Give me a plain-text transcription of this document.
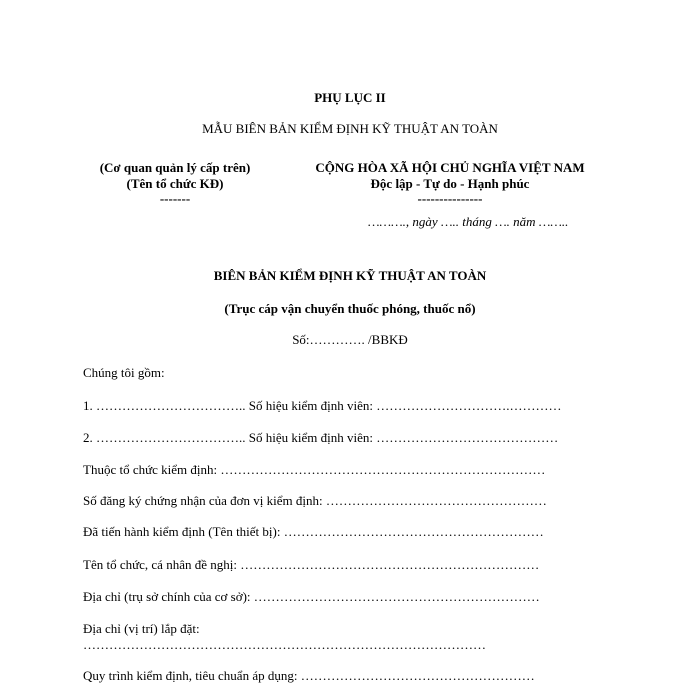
PHỤ LỤC II
MẪU BIÊN BẢN KIỂM ĐỊNH KỸ THUẬT AN TOÀN
(Cơ quan quản lý cấp trên)
(Tên tổ chức KĐ)
-------
CỘNG HÒA XÃ HỘI CHỦ NGHĨA VIỆT NAM
Độc lập - Tự do - Hạnh phúc
---------------
………., ngày ….. tháng …. năm ……..
BIÊN BẢN KIỂM ĐỊNH KỸ THUẬT AN TOÀN
(Trục cáp vận chuyển thuốc phóng, thuốc nổ)
Số:…………. /BBKĐ
Chúng tôi gồm:
1. …………………………….. Số hiệu kiểm định viên: ………………………….…………
2. …………………………….. Số hiệu kiểm định viên: ……………………………………
Thuộc tổ chức kiểm định: …………………………………………………………………
Số đăng ký chứng nhận của đơn vị kiểm định: ……………………………………………
Đã tiến hành kiểm định (Tên thiết bị): ……………………………………………………
Tên tổ chức, cá nhân đề nghị: ……………………………………………………………
Địa chỉ (trụ sở chính của cơ sở): …………………………………………………………
Địa chỉ (vị trí) lắp đặt:
…………………………………………………………………………………
Quy trình kiểm định, tiêu chuẩn áp dụng: ………………………………………………
